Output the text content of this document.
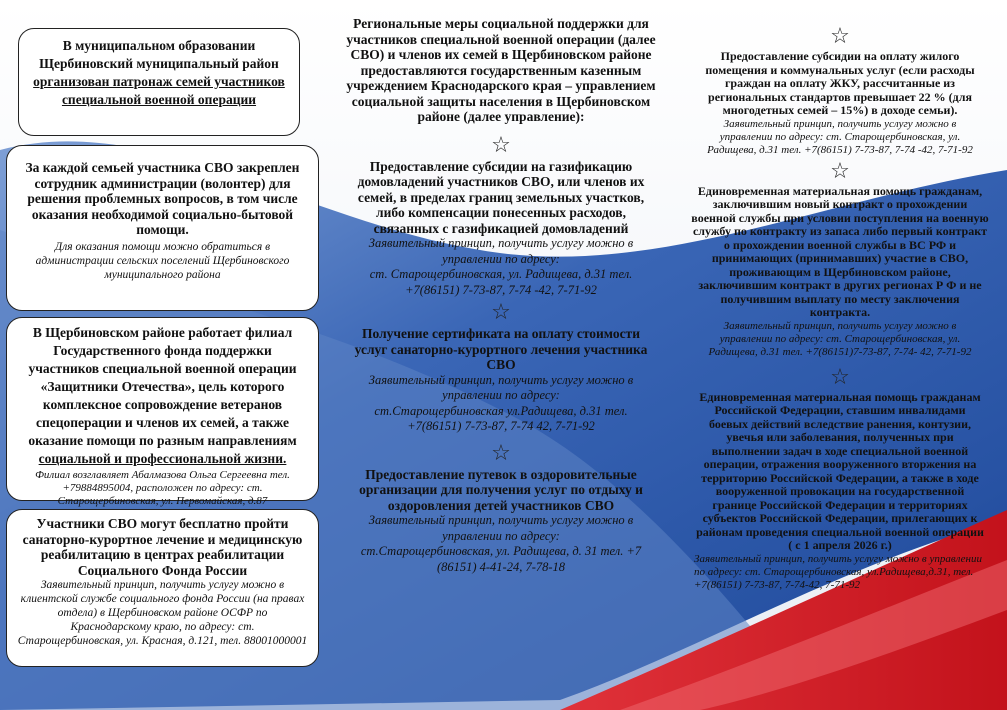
В муниципальном образовании Щербиновский муниципальный район
организован патронаж семей участников специальной военной операции
За каждой семьей участника СВО закреплен сотрудник администрации (волонтер) для решения проблемных вопросов, в том числе оказания необходимой социально-бытовой помощи.
Для оказания помощи можно обратиться в администрации сельских поселений Щербиновского муниципального района
В Щербиновском районе работает филиал Государственного фонда поддержки участников специальной военной операции «Защитники Отечества», цель которого комплексное сопровождение ветеранов спецоперации и членов их семей, а также оказание помощи по разным направлениям социальной и профессиональной жизни.
Филиал возглавляет Абалмазова Ольга Сергеевна тел. +79884895004, расположен по адресу: ст. Старощербиновская, ул. Первомайская, д.87
Участники СВО могут бесплатно пройти санаторно-курортное лечение и медицинскую реабилитацию в центрах реабилитации Социального Фонда России
Заявительный принцип, получить услугу можно в клиентской службе социального фонда России (на правах отдела) в Щербиновском районе ОСФР по Краснодарскому краю, по адресу: ст. Старощербиновская, ул. Красная, д.121, тел. 88001000001
Региональные меры социальной поддержки для участников специальной военной операции (далее СВО) и членов их семей в Щербиновском районе предоставляются государственным казенным учреждением Краснодарского края – управлением социальной защиты населения в Щербиновском районе (далее управление):
☆
Предоставление субсидии на газификацию домовладений участников СВО, или членов их семей, в пределах границ земельных участков, либо компенсации понесенных расходов, связанных с газификацией домовладений
Заявительный принцип, получить услугу можно в управлении по адресу:
ст. Старощербиновская, ул. Радищева, д.31 тел. +7(86151) 7-73-87, 7-74 -42, 7-71-92
☆
Получение сертификата на оплату стоимости услуг санаторно-курортного лечения участника СВО
Заявительный принцип, получить услугу можно в управлении по адресу:
ст.Старощербиновская ул.Радищева, д.31 тел. +7(86151) 7-73-87, 7-74 42, 7-71-92
☆
Предоставление путевок в оздоровительные организации для получения услуг по отдыху и оздоровления детей участников СВО
Заявительный принцип, получить услугу можно в управлении по адресу:
ст.Старощербиновская, ул. Радищева, д. 31 тел. +7 (86151) 4-41-24, 7-78-18
☆
Предоставление субсидии на оплату жилого помещения и коммунальных услуг (если расходы граждан на оплату ЖКУ, рассчитанные из региональных стандартов превышает 22 % (для многодетных семей – 15%) в доходе семьи).
Заявительный принцип, получить услугу можно в управлении по адресу: ст. Старощербиновская, ул. Радищева, д.31 тел. +7(86151) 7-73-87, 7-74 -42, 7-71-92
☆
Единовременная материальная помощь гражданам, заключившим новый контракт о прохождении военной службы при условии поступления на военную службу по контракту из запаса либо первый контракт о прохождении военной службы в ВС РФ и принимающих (принимавших) участие в СВО, проживающим в Щербиновском районе, заключившим контракт в других регионах Р Ф и не получившим выплату по месту заключения контракта.
Заявительный принцип, получить услугу можно в управлении по адресу: ст. Старощербиновская, ул. Радищева, д.31 тел. +7(86151)7-73-87, 7-74- 42, 7-71-92
☆
Единовременная материальная помощь гражданам Российской Федерации, ставшим инвалидами боевых действий вследствие ранения, контузии, увечья или заболевания, полученных при выполнении задач в ходе специальной военной операции, отражения вооруженного вторжения на территорию Российской Федерации, а также в ходе вооруженной провокации на государственной границе Российской Федерации и территориях субъектов Российской Федерации, прилегающих к районам проведения специальной военной операции ( с 1 апреля 2026 г.)
Заявительный принцип, получить услугу можно в управлении по адресу: ст. Старощербиновская, ул.Радищева,д.31, тел. +7(86151) 7-73-87, 7-74-42, 7-71-92
